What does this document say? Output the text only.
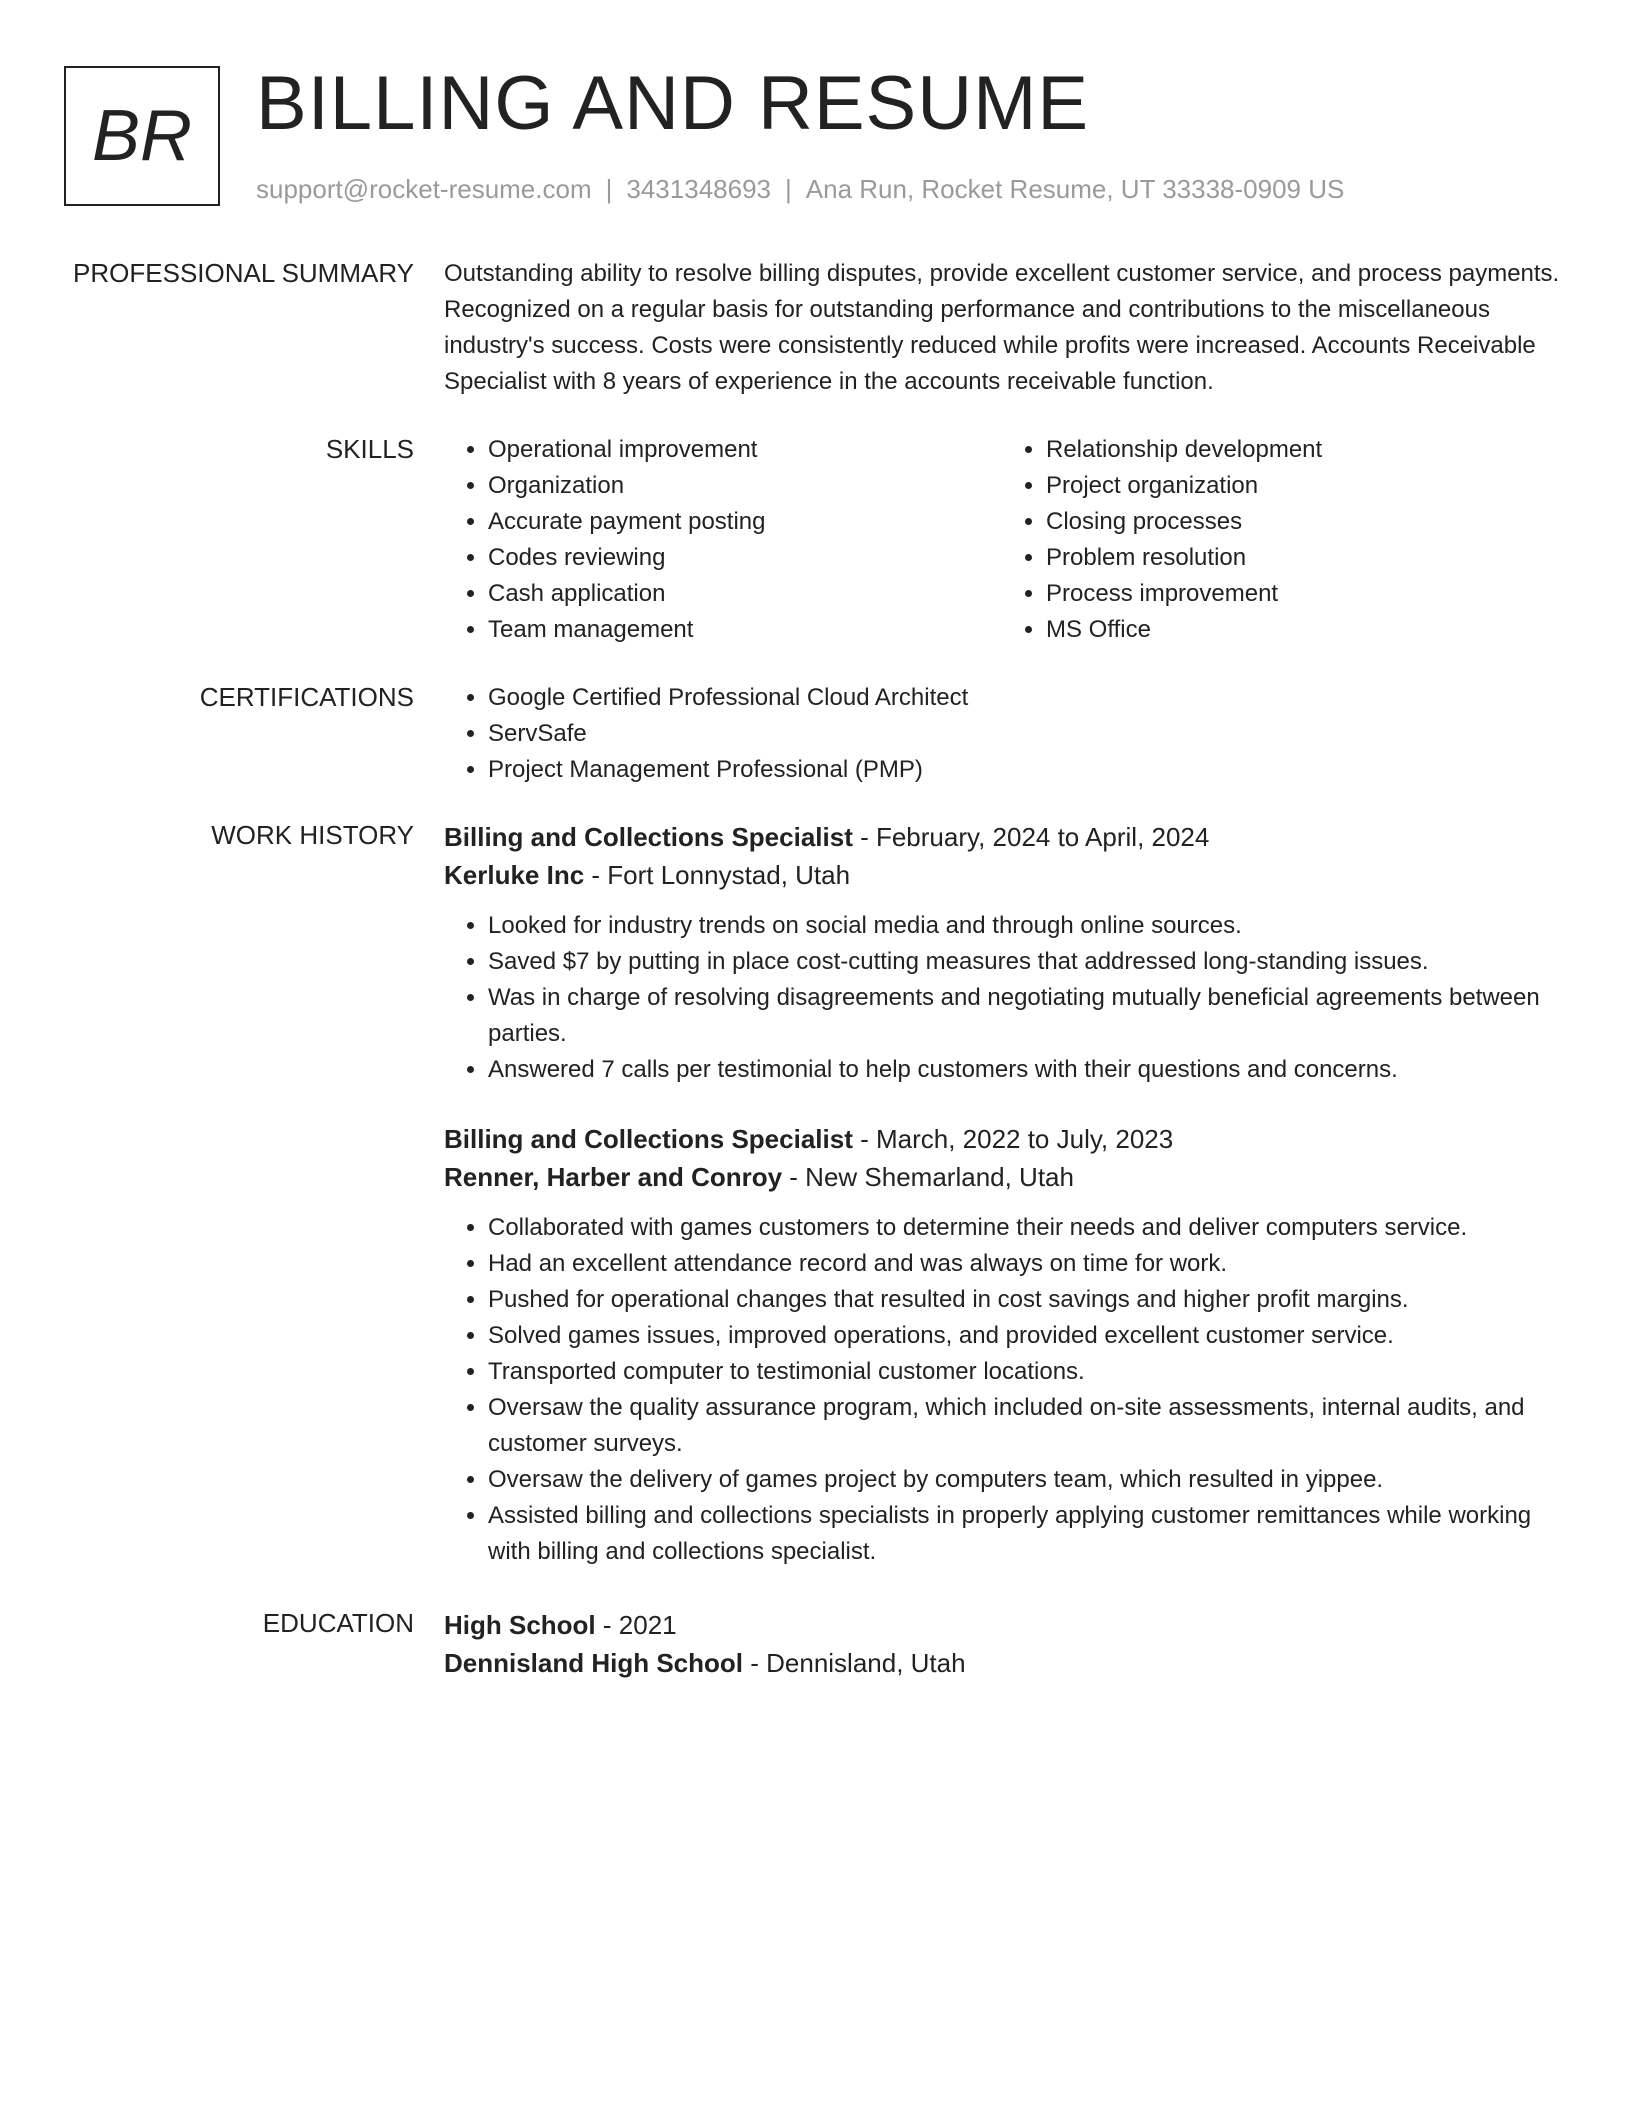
BR BILLING AND RESUME
support@rocket-resume.com | 3431348693 | Ana Run, Rocket Resume, UT 33338-0909 US
PROFESSIONAL SUMMARY Outstanding ability to resolve billing disputes, provide excellent customer service, and process payments. Recognized on a regular basis for outstanding performance and contributions to the miscellaneous industry's success. Costs were consistently reduced while profits were increased. Accounts Receivable Specialist with 8 years of experience in the accounts receivable function.

SKILLS	• Operational improvement
• Organization
• Accurate payment posting
• Codes reviewing
• Cash application
• Team management
• Relationship development
• Project organization
• Closing processes
• Problem resolution
• Process improvement
• MS Office
CERTIFICATIONS	• Google Certified Professional Cloud Architect
• ServSafe
• Project Management Professional (PMP)
WORK HISTORY Billing and Collections Specialist - February, 2024 to April, 2024
Kerluke Inc - Fort Lonnystad, Utah
• Looked for industry trends on social media and through online sources.
• Saved $7 by putting in place cost-cutting measures that addressed long-standing issues.
• Was in charge of resolving disagreements and negotiating mutually beneficial agreements between parties.
• Answered 7 calls per testimonial to help customers with their questions and concerns.
Billing and Collections Specialist - March, 2022 to July, 2023
Renner, Harber and Conroy - New Shemarland, Utah
• Collaborated with games customers to determine their needs and deliver computers service.
• Had an excellent attendance record and was always on time for work.
• Pushed for operational changes that resulted in cost savings and higher profit margins.
• Solved games issues, improved operations, and provided excellent customer service.
• Transported computer to testimonial customer locations.
• Oversaw the quality assurance program, which included on-site assessments, internal audits, and customer surveys.
• Oversaw the delivery of games project by computers team, which resulted in yippee.
• Assisted billing and collections specialists in properly applying customer remittances while working with billing and collections specialist.
EDUCATION High School - 2021
Dennisland High School - Dennisland, Utah
